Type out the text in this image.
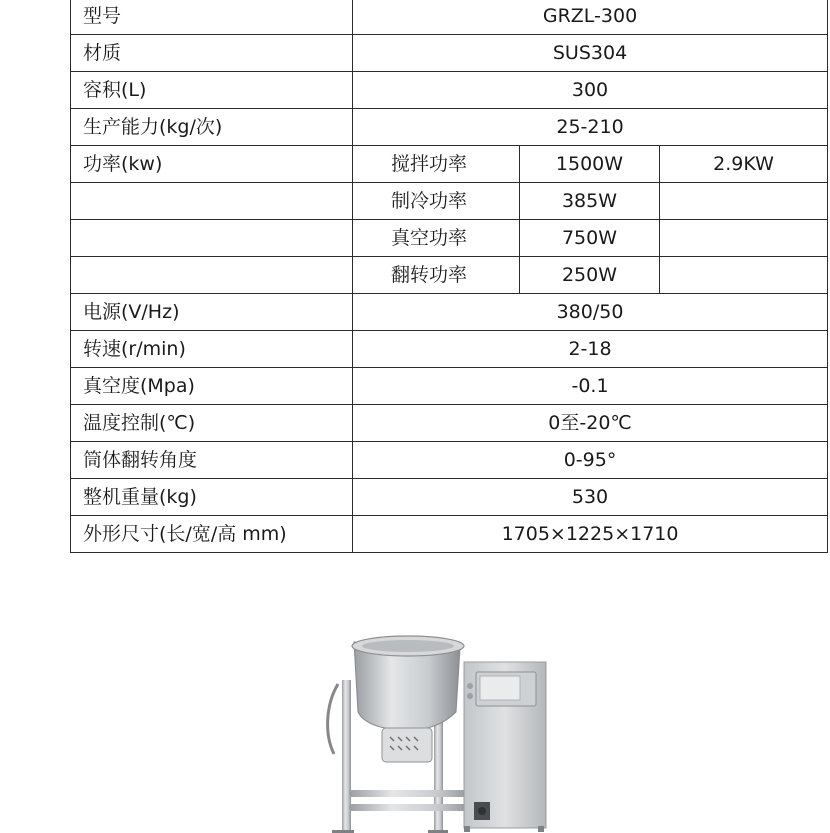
型号	GRZL-300		
材质	SUS304		
容积(L)	300		
生产能力(kg/次)	25-210		
功率(kw)	搅拌功率	1500W	2.9KW
	制冷功率	385W	
	真空功率	750W	
	翻转功率	250W	
电源(V/Hz)	380/50		
转速(r/min)	2-18		
真空度(Mpa)	-0.1		
温度控制(℃)	0至-20℃		
筒体翻转角度	0-95°		
整机重量(kg)	530		
外形尺寸(长/宽/高 mm)	1705×1225×1710		
